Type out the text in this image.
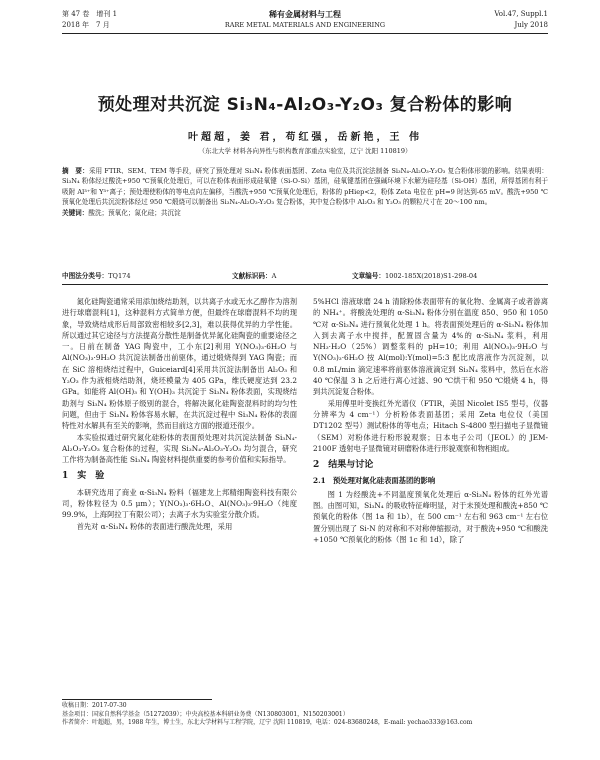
第 47 卷　增刊 1
2018 年　7 月
稀有金属材料与工程
RARE METAL MATERIALS AND ENGINEERING
Vol.47, Suppl.1
July 2018
预处理对共沉淀 Si₃N₄-Al₂O₃-Y₂O₃ 复合粉体的影响
叶超超，姜 君，苟红强，岳新艳，王 伟
（东北大学 材料各向异性与织构教育部重点实验室，辽宁 沈阳 110819）
摘　要：采用 FTIR、SEM、TEM 等手段，研究了预处理对 Si₃N₄ 粉体表面基团、Zeta 电位及共沉淀法制备 Si₃N₄-Al₂O₃-Y₂O₃ 复合粉体形貌的影响。结果表明：Si₃N₄ 粉体经过酸洗+950 ℃预氧化处理后，可以在粉体表面形成硅氧键（Si-O-Si）基团，硅氧键基团在强碱环境下水解为硅羟基（Si-OH）基团，所得基团有利于吸附 Al³⁺和 Y³⁺离子；预处理使粉体的等电点向左偏移，当酸洗+950 ℃预氧化处理后，粉体的 pHiep<2，粉体 Zeta 电位在 pH=9 时达到-65 mV。酸洗+950 ℃预氧化处理后共沉淀粉体经过 950 ℃煅烧可以制备出 Si₃N₄-Al₂O₃-Y₂O₃ 复合粉体，其中复合粉体中 Al₂O₃ 和 Y₂O₃ 的颗粒尺寸在 20～100 nm。
关键词：酸洗；预氧化；氮化硅；共沉淀
中图法分类号：TQ174	文献标识码：A	文章编号：1002-185X(2018)S1-298-04

氮化硅陶瓷通常采用添加烧结助剂，以共离子水或无水乙醇作为溶剂进行球磨混料[1]，这种混料方式简单方便，但最终在球磨混料不均的现象，导致烧结成形后局部致密相较多[2,3]，难以获得优异的力学性能。所以通过其它途径与方法提高分散性是制备优异氮化硅陶瓷的重要途径之一。日前在制备 YAG 陶瓷中，工小东[2]利用 Y(NO₃)₃·6H₂O 与 Al(NO₃)₃·9H₂O 共沉淀法制备出前驱体，通过煅烧得到 YAG 陶瓷；而在 SiC 溶相烧结过程中，Guiceiard[4]采用共沉淀法制备出 Al₂O₃ 和 Y₂O₃ 作为液相烧结助剂，烧坯模量为 405 GPa，维氏硬度达到 23.2 GPa。如能将 Al(OH)₃ 和 Y(OH)₃ 共沉淀于 Si₃N₄ 粉体表面，实现烧结助剂与 Si₃N₄ 粉体原子级别的混合，将解决氮化硅陶瓷混料时的均匀性问题，但由于 Si₃N₄ 粉体容易水解，在共沉淀过程中 Si₃N₄ 粉体的表面特性对水解具有至关的影响，然而目前这方面的报道还很少。

本实验拟通过研究氮化硅粉体的表面预处理对共沉淀法制备 Si₃N₄-Al₂O₃-Y₂O₃ 复合粉体的过程，实现 Si₃N₄-Al₂O₃-Y₂O₃ 均匀混合，研究工作将为制备高性能 Si₃N₄ 陶瓷材料提供重要的参考价值和实际指导。

1　实　验

本研究选用了商业 α-Si₃N₄ 粉料（福建龙上邦精细陶瓷科技有限公司，粉体粒径为 0.5 μm）；Y(NO₃)₃·6H₂O、Al(NO₃)₃·9H₂O（纯度 99.9%，上海阿拉丁有限公司）；去离子水为实验室分散介质。

首先对 α-Si₃N₄ 粉体的表面进行酸洗处理，采用

5%HCl 溶液球磨 24 h 清除粉体表面带有的氧化物、金属离子或者游离的 NH₄⁺。将酸洗处理的 α-Si₃N₄ 粉体分别在温度 850、950 和 1050 ℃对 α-Si₃N₄ 进行预氧化处理 1 h。将表面预处理后的 α-Si₃N₄ 粉体加入到去离子水中搅拌，配置固含量为 4%的 α-Si₃N₄ 浆料，利用 NH₃·H₂O（25%）调整浆料的 pH=10；利用 Al(NO₃)₃·9H₂O 与 Y(NO₃)₃·6H₂O 按 Al(mol):Y(mol)=5:3 配比成溶液作为沉淀剂，以 0.8 mL/min 滴定速率将前驱体溶液滴定到 Si₃N₄ 浆料中，然后在水浴 40 ℃保温 3 h 之后进行离心过滤、90 ℃烘干和 950 ℃煅烧 4 h，得到共沉淀复合粉体。

采用傅里叶变换红外光谱仪（FTIR，美国 Nicolet IS5 型号，仪器分辨率为 4 cm⁻¹）分析粉体表面基团；采用 Zeta 电位仪（美国 DT1202 型号）测试粉体的等电点；Hitach S-4800 型扫描电子显微镜（SEM）对粉体进行粉形貌观察；日本电子公司（JEOL）的 JEM-2100F 透射电子显微镜对研磨粉体进行形貌观察和物相组成。

2　结果与讨论
2.1　预处理对氮化硅表面基团的影响

图 1 为经酸洗+不同温度预氧化处理后 α-Si₃N₄ 粉体的红外光谱图。由图可知，Si₃N₄ 的吸收特征峰明显，对于未预处理和酸洗+850 ℃预氧化的粉体（图 1a 和 1b），在 500 cm⁻¹ 左右和 963 cm⁻¹ 左右位置分别出现了 Si-N 的对称和不对称伸缩振动，对于酸洗+950 ℃和酸洗+1050 ℃预氧化的粉体（图 1c 和 1d），除了

收稿日期：2017-07-30
基金项目：国家自然科学基金（51272039）；中央高校基本科研业务费（N130803001，N150203001）
作者简介：叶超超，男，1988 年生，博士生，东北大学材料与工程学院，辽宁 沈阳 110819，电话：024-83680248，E-mail: yechao333@163.com
